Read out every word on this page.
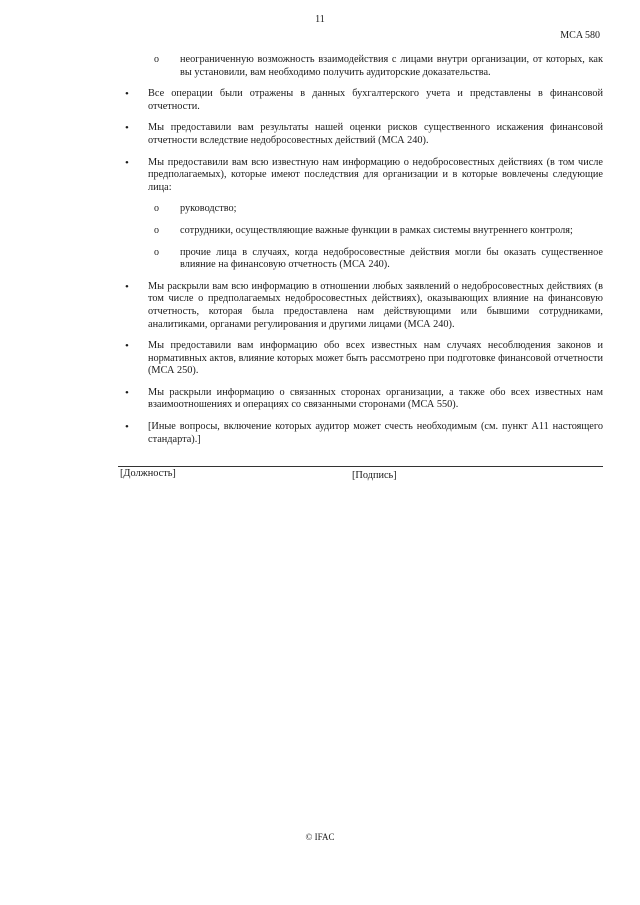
11
MCA 580
o неограниченную возможность взаимодействия с лицами внутри организации, от которых, как вы установили, вам необходимо получить аудиторские доказательства.
• Все операции были отражены в данных бухгалтерского учета и представлены в финансовой отчетности.
• Мы предоставили вам результаты нашей оценки рисков существенного искажения финансовой отчетности вследствие недобросовестных действий (МСА 240).
• Мы предоставили вам всю известную нам информацию о недобросовестных действиях (в том числе предполагаемых), которые имеют последствия для организации и в которые вовлечены следующие лица:
o руководство;
o сотрудники, осуществляющие важные функции в рамках системы внутреннего контроля;
o прочие лица в случаях, когда недобросовестные действия могли бы оказать существенное влияние на финансовую отчетность (МСА 240).
• Мы раскрыли вам всю информацию в отношении любых заявлений о недобросовестных действиях (в том числе о предполагаемых недобросовестных действиях), оказывающих влияние на финансовую отчетность, которая была предоставлена нам действующими или бывшими сотрудниками, аналитиками, органами регулирования и другими лицами (МСА 240).
• Мы предоставили вам информацию обо всех известных нам случаях несоблюдения законов и нормативных актов, влияние которых может быть рассмотрено при подготовке финансовой отчетности (МСА 250).
• Мы раскрыли информацию о связанных сторонах организации, а также обо всех известных нам взаимоотношениях и операциях со связанными сторонами (МСА 550).
• [Иные вопросы, включение которых аудитор может счесть необходимым (см. пункт A11 настоящего стандарта).]
[Должность]	[Подпись]
© IFAC
